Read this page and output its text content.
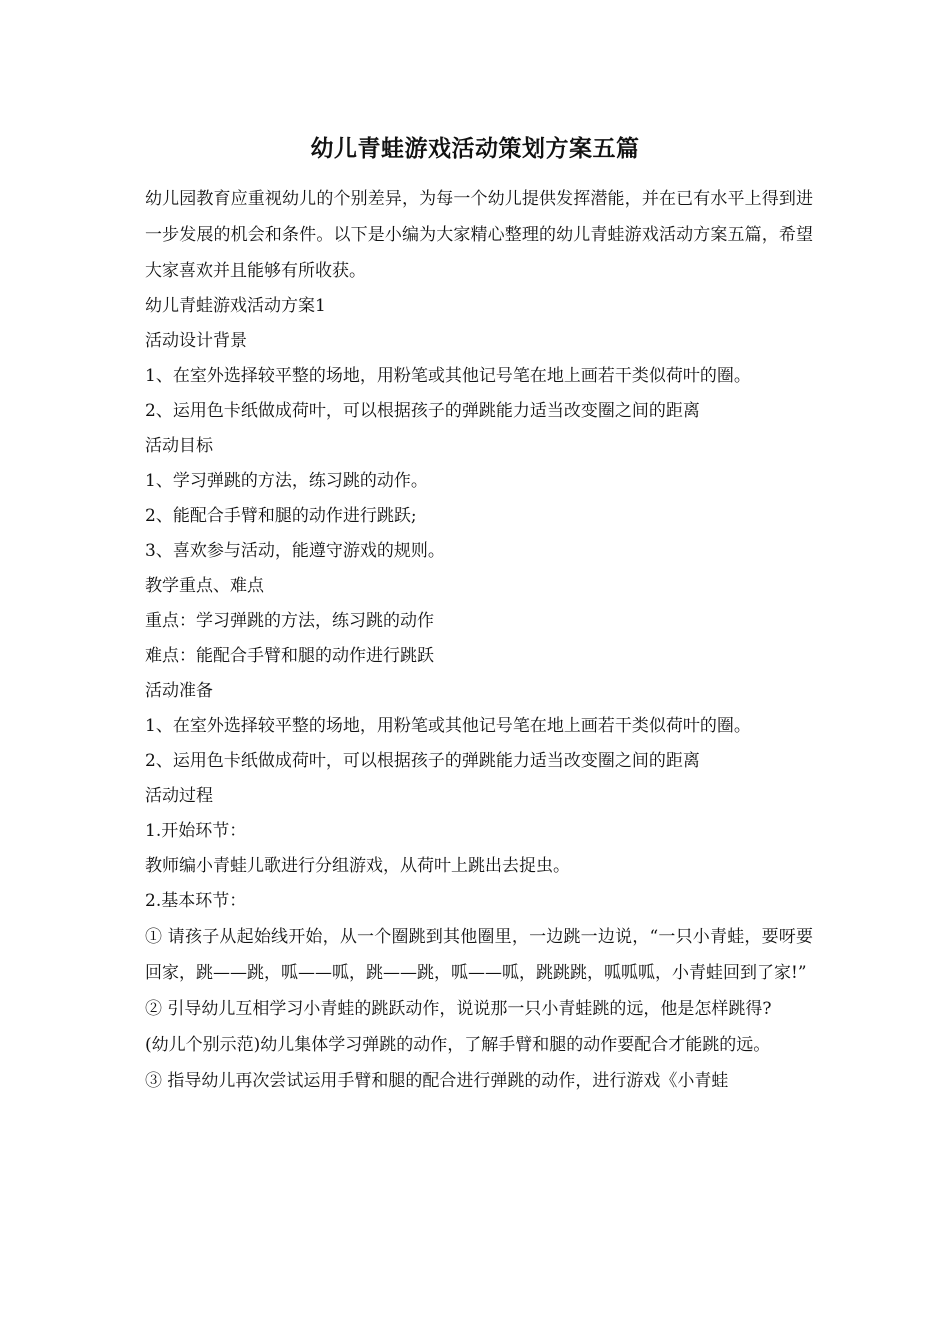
幼儿青蛙游戏活动策划方案五篇

幼儿园教育应重视幼儿的个别差异，为每一个幼儿提供发挥潜能，并在已有水平上得到进一步发展的机会和条件。以下是小编为大家精心整理的幼儿青蛙游戏活动方案五篇，希望大家喜欢并且能够有所收获。

幼儿青蛙游戏活动方案1

活动设计背景

1、在室外选择较平整的场地，用粉笔或其他记号笔在地上画若干类似荷叶的圈。

2、运用色卡纸做成荷叶，可以根据孩子的弹跳能力适当改变圈之间的距离

活动目标

1、学习弹跳的方法，练习跳的动作。

2、能配合手臂和腿的动作进行跳跃;

3、喜欢参与活动，能遵守游戏的规则。

教学重点、难点

重点：学习弹跳的方法，练习跳的动作

难点：能配合手臂和腿的动作进行跳跃

活动准备

1、在室外选择较平整的场地，用粉笔或其他记号笔在地上画若干类似荷叶的圈。

2、运用色卡纸做成荷叶，可以根据孩子的弹跳能力适当改变圈之间的距离

活动过程

1.开始环节：

教师编小青蛙儿歌进行分组游戏，从荷叶上跳出去捉虫。

2.基本环节：

① 请孩子从起始线开始，从一个圈跳到其他圈里，一边跳一边说，“一只小青蛙，要呀要回家，跳——跳，呱——呱，跳——跳，呱——呱，跳跳跳，呱呱呱，小青蛙回到了家!”

② 引导幼儿互相学习小青蛙的跳跃动作，说说那一只小青蛙跳的远，他是怎样跳得?

(幼儿个别示范)幼儿集体学习弹跳的动作，了解手臂和腿的动作要配合才能跳的远。

③ 指导幼儿再次尝试运用手臂和腿的配合进行弹跳的动作，进行游戏《小青蛙
